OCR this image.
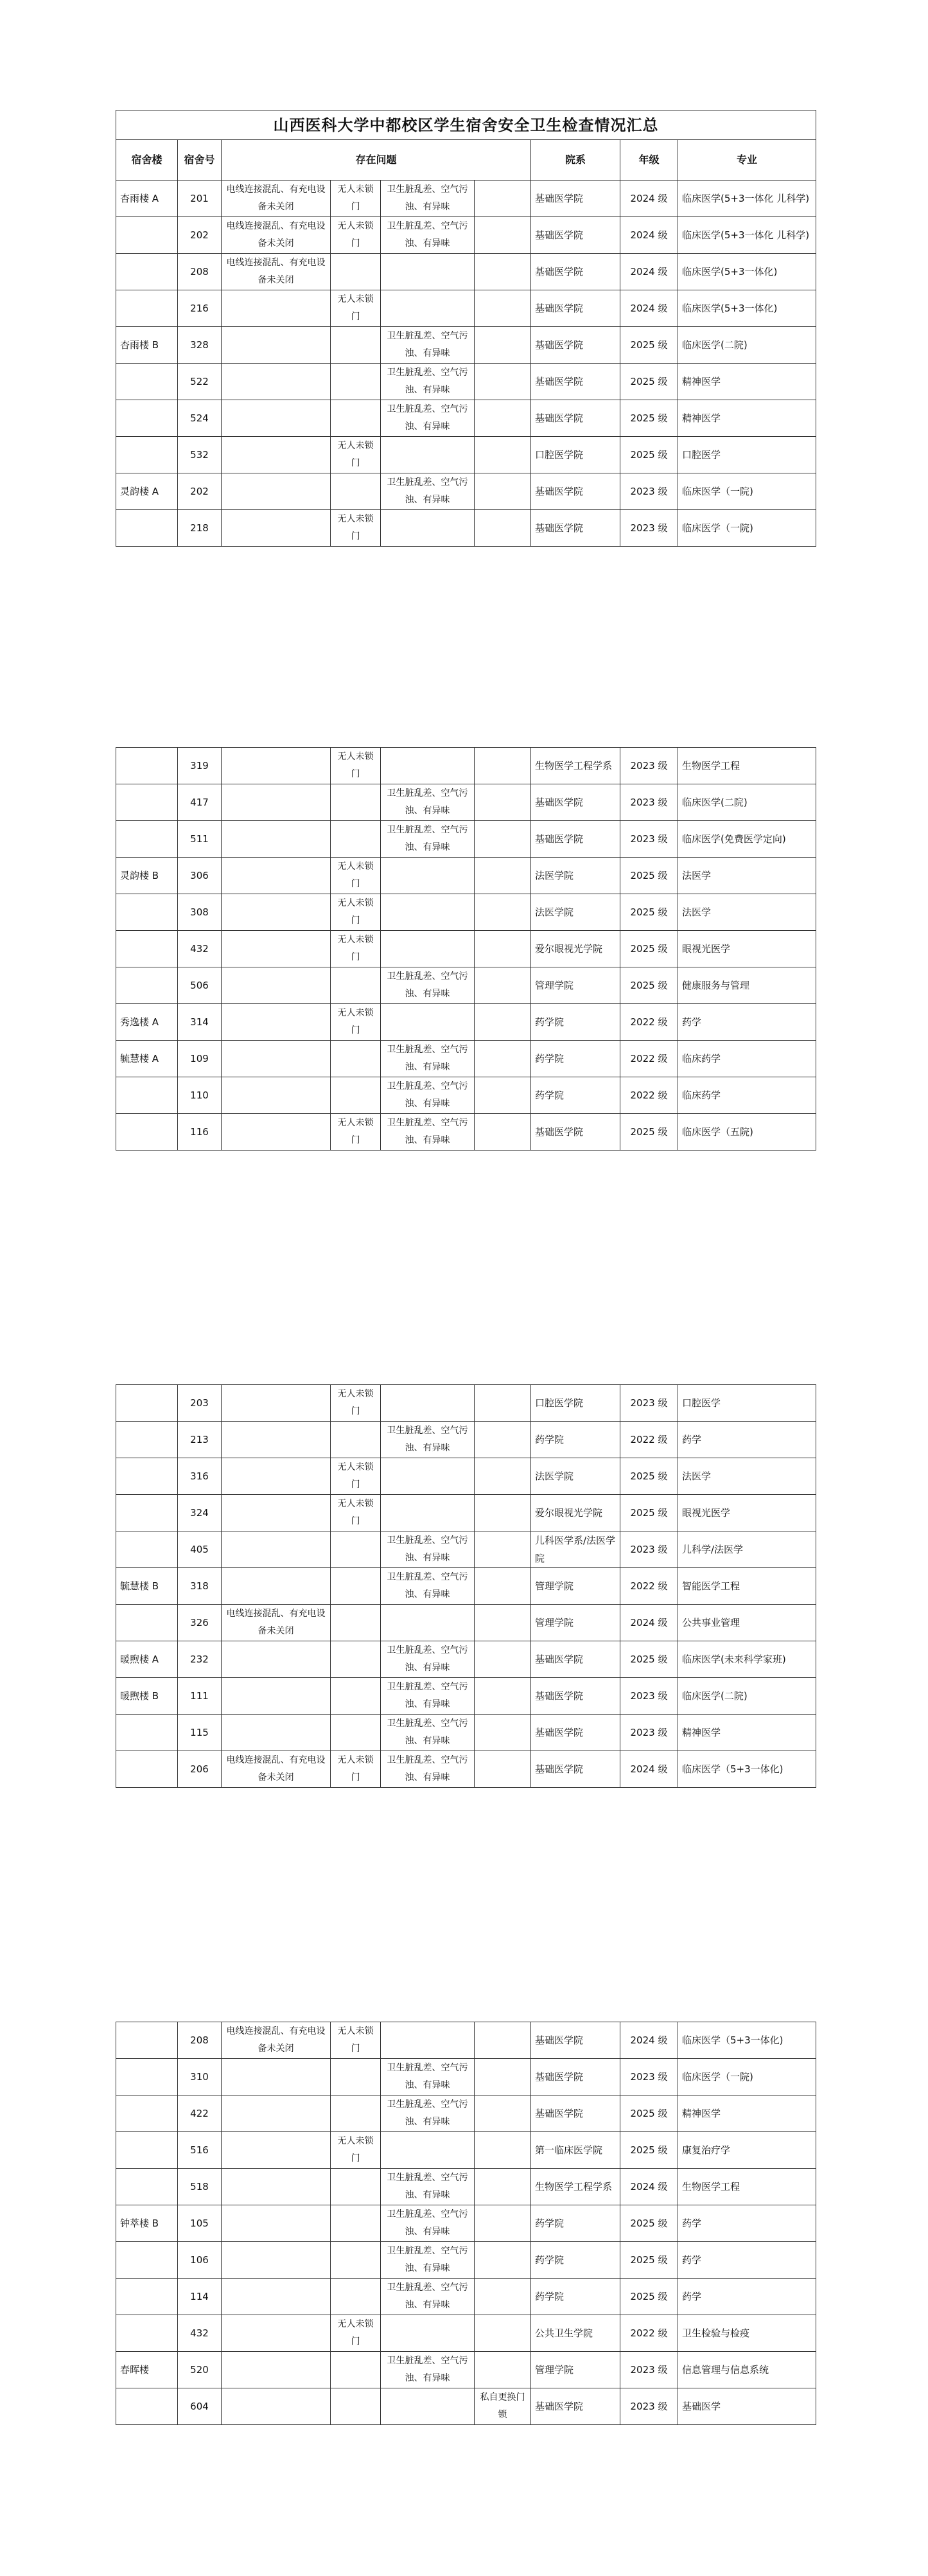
山西医科大学中都校区学生宿舍安全卫生检查情况汇总								
宿舍楼	宿舍号	存在问题				院系	年级	专业
杏雨楼 A	201	电线连接混乱、有充电设备未关闭	无人未锁门	卫生脏乱差、空气污浊、有异味		基础医学院	2024 级	临床医学(5+3一体化 儿科学)
	202	电线连接混乱、有充电设备未关闭	无人未锁门	卫生脏乱差、空气污浊、有异味		基础医学院	2024 级	临床医学(5+3一体化 儿科学)
	208	电线连接混乱、有充电设备未关闭				基础医学院	2024 级	临床医学(5+3一体化)
	216		无人未锁门			基础医学院	2024 级	临床医学(5+3一体化)
杏雨楼 B	328			卫生脏乱差、空气污浊、有异味		基础医学院	2025 级	临床医学(二院)
	522			卫生脏乱差、空气污浊、有异味		基础医学院	2025 级	精神医学
	524			卫生脏乱差、空气污浊、有异味		基础医学院	2025 级	精神医学
	532		无人未锁门			口腔医学院	2025 级	口腔医学
灵韵楼 A	202			卫生脏乱差、空气污浊、有异味		基础医学院	2023 级	临床医学（一院)
	218		无人未锁门			基础医学院	2023 级	临床医学（一院)
	319		无人未锁门			生物医学工程学系	2023 级	生物医学工程
	417			卫生脏乱差、空气污浊、有异味		基础医学院	2023 级	临床医学(二院)
	511			卫生脏乱差、空气污浊、有异味		基础医学院	2023 级	临床医学(免费医学定向)
灵韵楼 B	306		无人未锁门			法医学院	2025 级	法医学
	308		无人未锁门			法医学院	2025 级	法医学
	432		无人未锁门			爱尔眼视光学院	2025 级	眼视光医学
	506			卫生脏乱差、空气污浊、有异味		管理学院	2025 级	健康服务与管理
秀逸楼 A	314		无人未锁门			药学院	2022 级	药学
毓慧楼 A	109			卫生脏乱差、空气污浊、有异味		药学院	2022 级	临床药学
	110			卫生脏乱差、空气污浊、有异味		药学院	2022 级	临床药学
	116		无人未锁门	卫生脏乱差、空气污浊、有异味		基础医学院	2025 级	临床医学（五院)
	203		无人未锁门			口腔医学院	2023 级	口腔医学
	213			卫生脏乱差、空气污浊、有异味		药学院	2022 级	药学
	316		无人未锁门			法医学院	2025 级	法医学
	324		无人未锁门			爱尔眼视光学院	2025 级	眼视光医学
	405			卫生脏乱差、空气污浊、有异味		儿科医学系/法医学院	2023 级	儿科学/法医学
毓慧楼 B	318			卫生脏乱差、空气污浊、有异味		管理学院	2022 级	智能医学工程
	326	电线连接混乱、有充电设备未关闭				管理学院	2024 级	公共事业管理
暖煦楼 A	232			卫生脏乱差、空气污浊、有异味		基础医学院	2025 级	临床医学(未来科学家班)
暖煦楼 B	111			卫生脏乱差、空气污浊、有异味		基础医学院	2023 级	临床医学(二院)
	115			卫生脏乱差、空气污浊、有异味		基础医学院	2023 级	精神医学
	206	电线连接混乱、有充电设备未关闭	无人未锁门	卫生脏乱差、空气污浊、有异味		基础医学院	2024 级	临床医学（5+3一体化)
	208	电线连接混乱、有充电设备未关闭	无人未锁门			基础医学院	2024 级	临床医学（5+3一体化)
	310			卫生脏乱差、空气污浊、有异味		基础医学院	2023 级	临床医学（一院)
	422			卫生脏乱差、空气污浊、有异味		基础医学院	2025 级	精神医学
	516		无人未锁门			第一临床医学院	2025 级	康复治疗学
	518			卫生脏乱差、空气污浊、有异味		生物医学工程学系	2024 级	生物医学工程
钟萃楼 B	105			卫生脏乱差、空气污浊、有异味		药学院	2025 级	药学
	106			卫生脏乱差、空气污浊、有异味		药学院	2025 级	药学
	114			卫生脏乱差、空气污浊、有异味		药学院	2025 级	药学
	432		无人未锁门			公共卫生学院	2022 级	卫生检验与检疫
春晖楼	520			卫生脏乱差、空气污浊、有异味		管理学院	2023 级	信息管理与信息系统
	604				私自更换门锁	基础医学院	2023 级	基础医学
